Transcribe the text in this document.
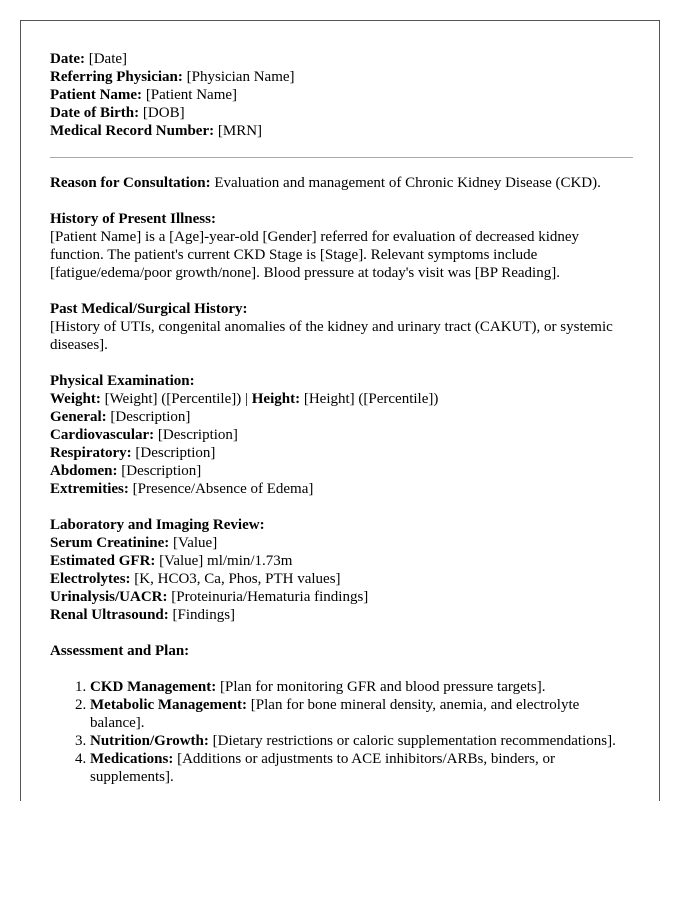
Date: [Date]

Referring Physician: [Physician Name]

Patient Name: [Patient Name]

Date of Birth: [DOB]

Medical Record Number: [MRN]

Reason for Consultation: Evaluation and management of Chronic Kidney Disease (CKD).

History of Present Illness:

[Patient Name] is a [Age]-year-old [Gender] referred for evaluation of decreased kidney function. The patient's current CKD Stage is [Stage]. Relevant symptoms include [fatigue/edema/poor growth/none]. Blood pressure at today's visit was [BP Reading].

Past Medical/Surgical History:

[History of UTIs, congenital anomalies of the kidney and urinary tract (CAKUT), or systemic diseases].

Physical Examination:

Weight: [Weight] ([Percentile]) | Height: [Height] ([Percentile])

General: [Description]

Cardiovascular: [Description]

Respiratory: [Description]

Abdomen: [Description]

Extremities: [Presence/Absence of Edema]

Laboratory and Imaging Review:

Serum Creatinine: [Value]

Estimated GFR: [Value] ml/min/1.73m

Electrolytes: [K, HCO3, Ca, Phos, PTH values]

Urinalysis/UACR: [Proteinuria/Hematuria findings]

Renal Ultrasound: [Findings]

Assessment and Plan:

1. CKD Management: [Plan for monitoring GFR and blood pressure targets].
2. Metabolic Management: [Plan for bone mineral density, anemia, and electrolyte balance].
3. Nutrition/Growth: [Dietary restrictions or caloric supplementation recommendations].
4. Medications: [Additions or adjustments to ACE inhibitors/ARBs, binders, or supplements].
